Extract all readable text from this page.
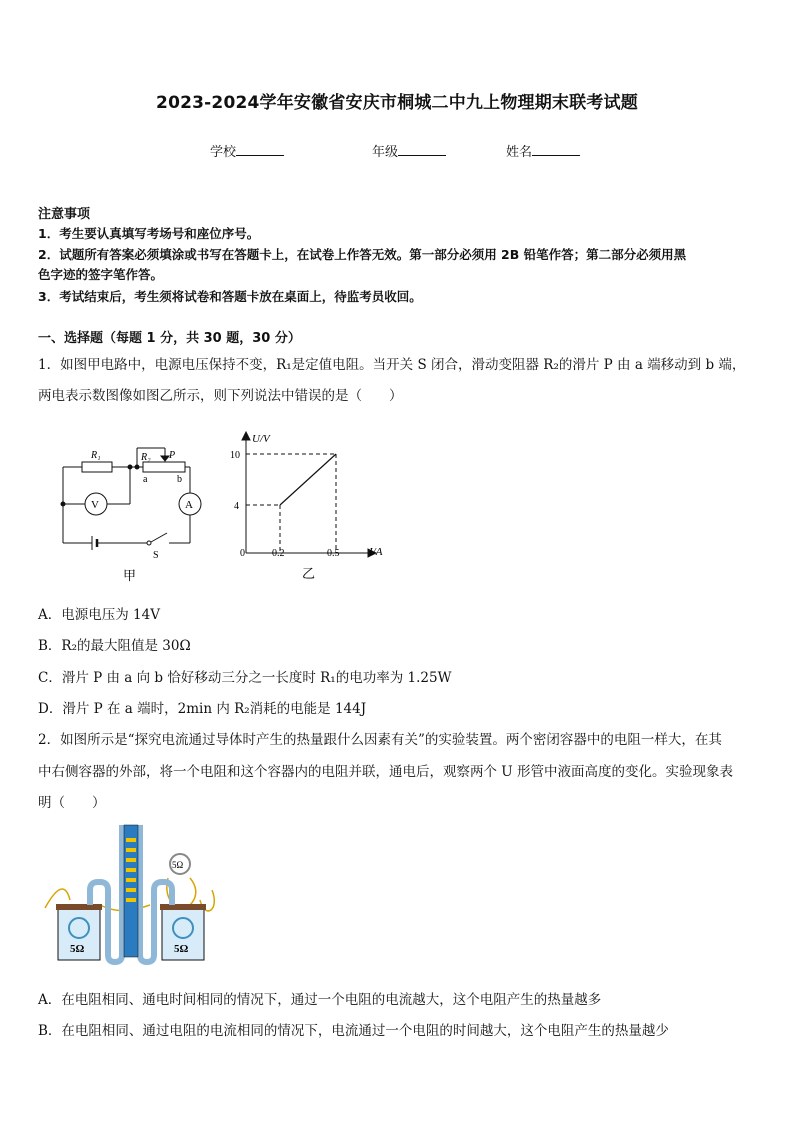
2023-2024学年安徽省安庆市桐城二中九上物理期末联考试题
学校	年级	姓名
注意事项
1．考生要认真填写考场号和座位序号。
2．试题所有答案必须填涂或书写在答题卡上，在试卷上作答无效。第一部分必须用 2B 铅笔作答；第二部分必须用黑
色字迹的签字笔作答。
3．考试结束后，考生须将试卷和答题卡放在桌面上，待监考员收回。
一、选择题（每题 1 分，共 30 题，30 分）
1．如图甲电路中，电源电压保持不变，R₁是定值电阻。当开关 S 闭合，滑动变阻器 R₂的滑片 P 由 a 端移动到 b 端，
两电表示数图像如图乙所示，则下列说法中错误的是（　　）
R₁	R₂ P
a	b
V	A
S
甲
U/V
I/A
0
10
4
0.2	0.5
乙
A．电源电压为 14V
B．R₂的最大阻值是 30Ω
C．滑片 P 由 a 向 b 恰好移动三分之一长度时 R₁的电功率为 1.25W
D．滑片 P 在 a 端时，2min 内 R₂消耗的电能是 144J
2．如图所示是“探究电流通过导体时产生的热量跟什么因素有关”的实验装置。两个密闭容器中的电阻一样大，在其
中右侧容器的外部，将一个电阻和这个容器内的电阻并联，通电后，观察两个 U 形管中液面高度的变化。实验现象表
明（　　）
5Ω	5Ω
5Ω
A．在电阻相同、通电时间相同的情况下，通过一个电阻的电流越大，这个电阻产生的热量越多
B．在电阻相同、通过电阻的电流相同的情况下，电流通过一个电阻的时间越大，这个电阻产生的热量越少
